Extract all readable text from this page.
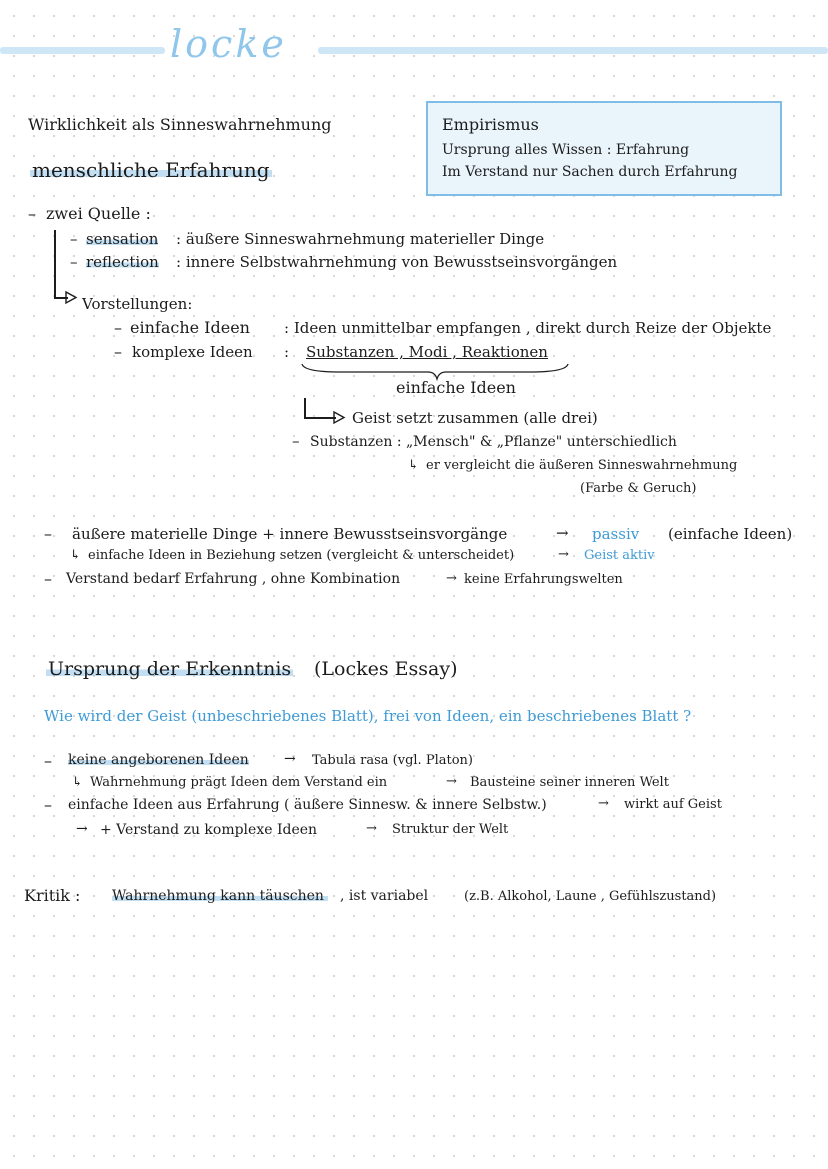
locke
Wirklichkeit als Sinneswahrnehmung
menschliche Erfahrung
Empirismus
Ursprung alles Wissen : Erfahrung
Im Verstand nur Sachen durch Erfahrung
– zwei Quelle :
– sensation : äußere Sinneswahrnehmung materieller Dinge
– reflection : innere Selbstwahrnehmung von Bewusstseinsvorgängen
Vorstellungen:
– einfache Ideen : Ideen unmittelbar empfangen , direkt durch Reize der Objekte
– komplexe Ideen : Substanzen , Modi , Reaktionen
einfache Ideen
Geist setzt zusammen (alle drei)
– Substanzen : „Mensch" & „Pflanze" unterschiedlich
↳ er vergleicht die äußeren Sinneswahrnehmung
(Farbe & Geruch)
– äußere materielle Dinge + innere Bewusstseinsvorgänge	→ passiv (einfache Ideen)
↳ einfache Ideen in Beziehung setzen (vergleicht & unterscheidet)	→ Geist aktiv
– Verstand bedarf Erfahrung , ohne Kombination	→ keine Erfahrungswelten
Ursprung der Erkenntnis (Lockes Essay)
Wie wird der Geist (unbeschriebenes Blatt), frei von Ideen, ein beschriebenes Blatt ?
– keine angeborenen Ideen	→ Tabula rasa (vgl. Platon)
↳ Wahrnehmung prägt Ideen dem Verstand ein	→ Bausteine seiner inneren Welt
– einfache Ideen aus Erfahrung ( äußere Sinnesw. & innere Selbstw.)	→ wirkt auf Geist
→ + Verstand zu komplexe Ideen	→ Struktur der Welt
Kritik : Wahrnehmung kann täuschen , ist variabel	(z.B. Alkohol, Laune , Gefühlszustand)
